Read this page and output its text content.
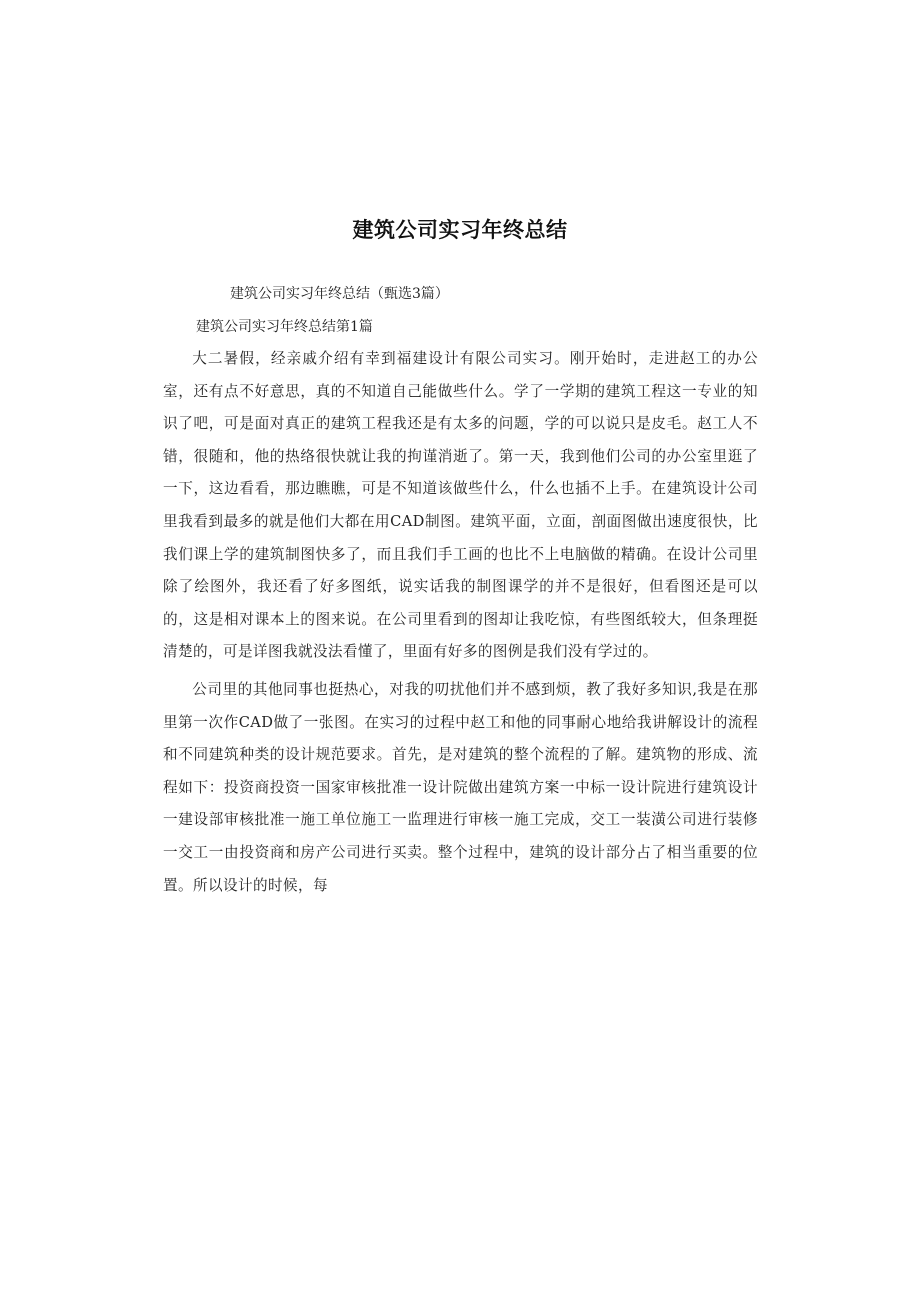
建筑公司实习年终总结
建筑公司实习年终总结（甄选3篇）
建筑公司实习年终总结第1篇

大二暑假，经亲戚介绍有幸到福建设计有限公司实习。刚开始时，走进赵工的办公室，还有点不好意思，真的不知道自己能做些什么。学了一学期的建筑工程这一专业的知识了吧，可是面对真正的建筑工程我还是有太多的问题，学的可以说只是皮毛。赵工人不错，很随和，他的热络很快就让我的拘谨消逝了。第一天，我到他们公司的办公室里逛了一下，这边看看，那边瞧瞧，可是不知道该做些什么，什么也插不上手。在建筑设计公司里我看到最多的就是他们大都在用CAD制图。建筑平面，立面，剖面图做出速度很快，比我们课上学的建筑制图快多了，而且我们手工画的也比不上电脑做的精确。在设计公司里除了绘图外，我还看了好多图纸，说实话我的制图课学的并不是很好，但看图还是可以的，这是相对课本上的图来说。在公司里看到的图却让我吃惊，有些图纸较大，但条理挺清楚的，可是详图我就没法看懂了，里面有好多的图例是我们没有学过的。

公司里的其他同事也挺热心，对我的叨扰他们并不感到烦，教了我好多知识,我是在那里第一次作CAD做了一张图。在实习的过程中赵工和他的同事耐心地给我讲解设计的流程和不同建筑种类的设计规范要求。首先，是对建筑的整个流程的了解。建筑物的形成、流程如下：投资商投资一国家审核批准一设计院做出建筑方案一中标一设计院进行建筑设计一建设部审核批准一施工单位施工一监理进行审核一施工完成，交工一装潢公司进行装修一交工一由投资商和房产公司进行买卖。整个过程中，建筑的设计部分占了相当重要的位置。所以设计的时候，每
